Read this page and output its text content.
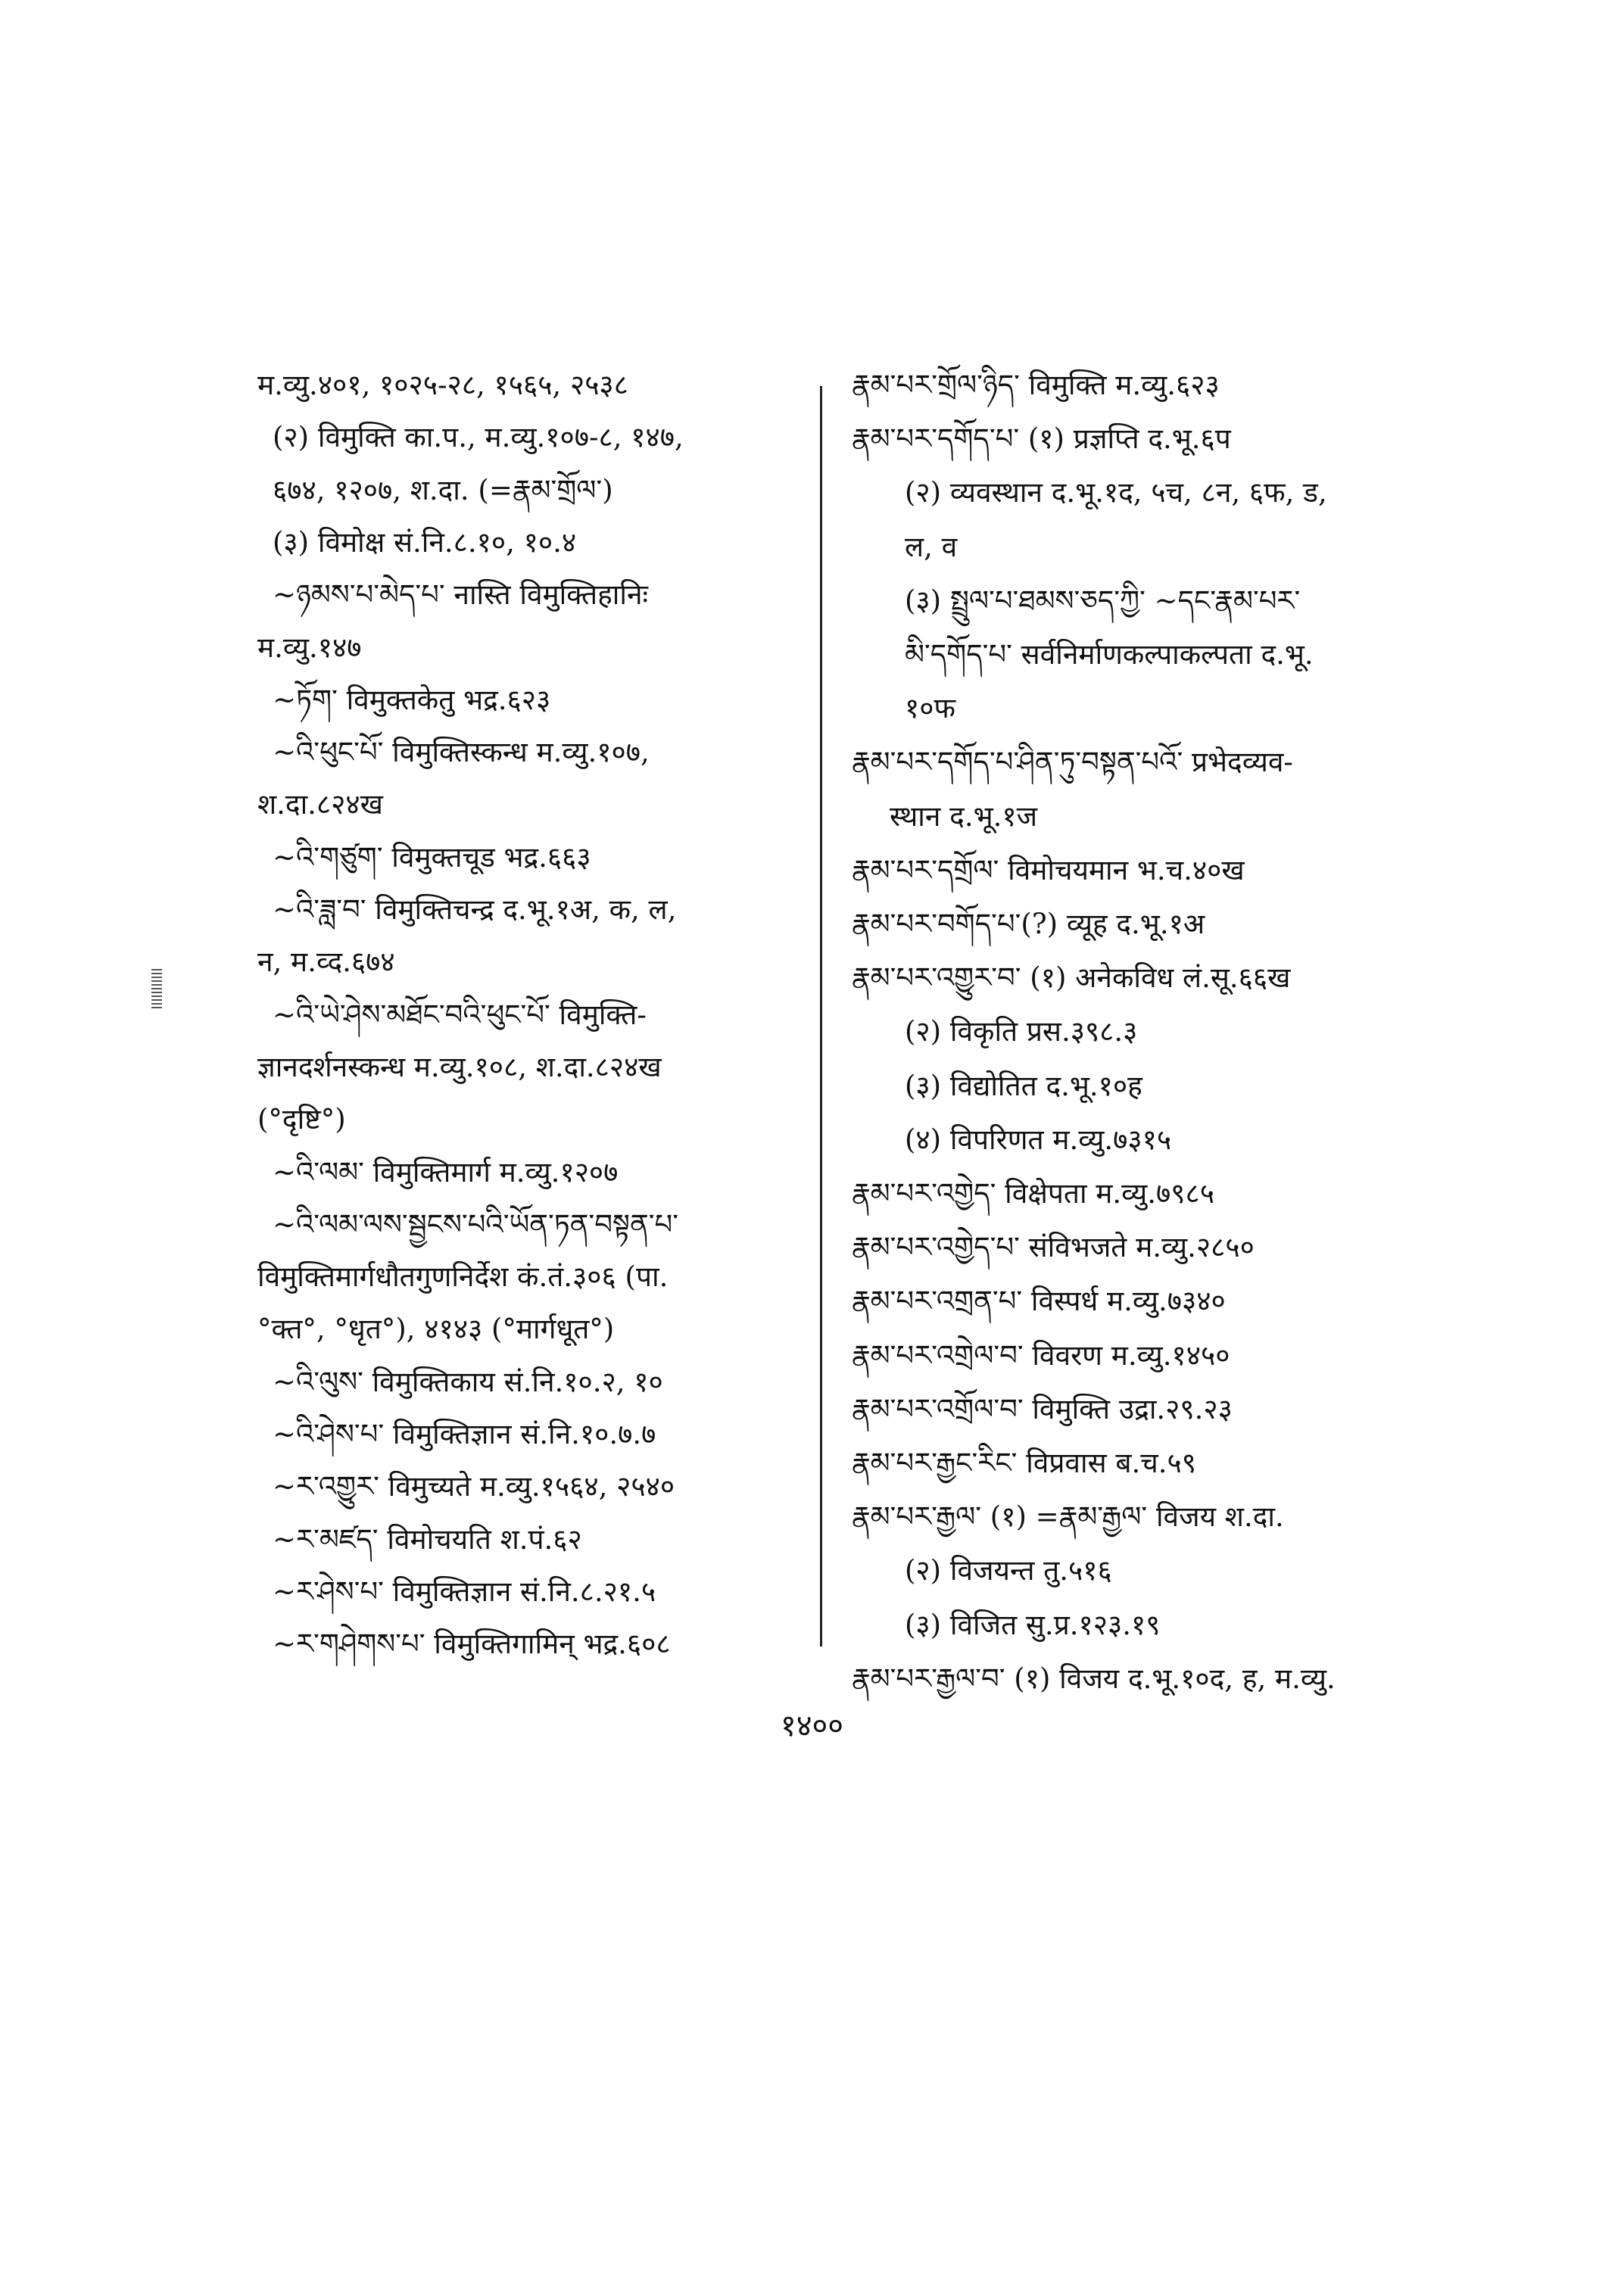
म.व्यु.४०१, १०२५-२८, १५६५, २५३८
(२) विमुक्ति का.प., म.व्यु.१०७-८, १४७,
६७४, १२०७, श.दा. (=རྣམ་གྲོལ་)
(३) विमोक्ष सं.नि.८.१०, १०.४
~ཉམས་པ་མེད་པ་ नास्ति विमुक्तिहानिः
म.व्यु.१४७
~ཏོག་ विमुक्तकेतु भद्र.६२३
~འི་ཕུང་པོ་ विमुक्तिस्कन्ध म.व्यु.१०७,
श.दा.८२४ख
~འི་གཙུག་ विमुक्तचूड भद्र.६६३
~འི་ཟླ་བ་ विमुक्तिचन्द्र द.भू.१अ, क, ल,
न, म.व्द.६७४
~འི་ཡེ་ཤེས་མཐོང་བའི་ཕུང་པོ་ विमुक्ति-
ज्ञानदर्शनस्कन्ध म.व्यु.१०८, श.दा.८२४ख
(°दृष्टि°)
~འི་ལམ་ विमुक्तिमार्ग म.व्यु.१२०७
~འི་ལམ་ལས་སྦྱངས་པའི་ཡོན་ཏན་བསྟན་པ་
विमुक्तिमार्गधौतगुणनिर्देश कं.तं.३०६ (पा.
°क्त°, °धृत°), ४१४३ (°मार्गधूत°)
~འི་ལུས་ विमुक्तिकाय सं.नि.१०.२, १०
~འི་ཤེས་པ་ विमुक्तिज्ञान सं.नि.१०.७.७
~ར་འགྱུར་ विमुच्यते म.व्यु.१५६४, २५४०
~ར་མཛད་ विमोचयति श.पं.६२
~ར་ཤེས་པ་ विमुक्तिज्ञान सं.नि.८.२१.५
~ར་གཤེགས་པ་ विमुक्तिगामिन् भद्र.६०८
རྣམ་པར་གྲོལ་ཉིད་ विमुक्ति म.व्यु.६२३
རྣམ་པར་དགོད་པ་ (१) प्रज्ञप्ति द.भू.६प
(२) व्यवस्थान द.भू.१द, ५च, ८न, ६फ, ड,
ल, व
(३) སྤྲུལ་པ་ཐམས་ཅད་ཀྱི་ ~དང་རྣམ་པར་
མི་དགོད་པ་ सर्वनिर्माणकल्पाकल्पता द.भू.
१०फ
རྣམ་པར་དགོད་པ་ཤིན་ཏུ་བསྟན་པའོ་ प्रभेदव्यव-
स्थान द.भू.१ज
རྣམ་པར་དགྲོལ་ विमोचयमान भ.च.४०ख
རྣམ་པར་བགོད་པ་(?) व्यूह द.भू.१अ
རྣམ་པར་འགྱུར་བ་ (१) अनेकविध लं.सू.६६ख
(२) विकृति प्रस.३९८.३
(३) विद्योतित द.भू.१०ह
(४) विपरिणत म.व्यु.७३१५
རྣམ་པར་འགྱེད་ विक्षेपता म.व्यु.७९८५
རྣམ་པར་འགྱེད་པ་ संविभजते म.व्यु.२८५०
རྣམ་པར་འགྲན་པ་ विस्पर्ध म.व्यु.७३४०
རྣམ་པར་འགྲེལ་བ་ विवरण म.व्यु.१४५०
རྣམ་པར་འགྲོལ་བ་ विमुक्ति उद्रा.२९.२३
རྣམ་པར་རྒྱང་རིང་ विप्रवास ब.च.५९
རྣམ་པར་རྒྱལ་ (१) =རྣམ་རྒྱལ་ विजय श.दा.
(२) विजयन्त तु.५१६
(३) विजित सु.प्र.१२३.१९
རྣམ་པར་རྒྱལ་བ་ (१) विजय द.भू.१०द, ह, म.व्यु.
१४००
